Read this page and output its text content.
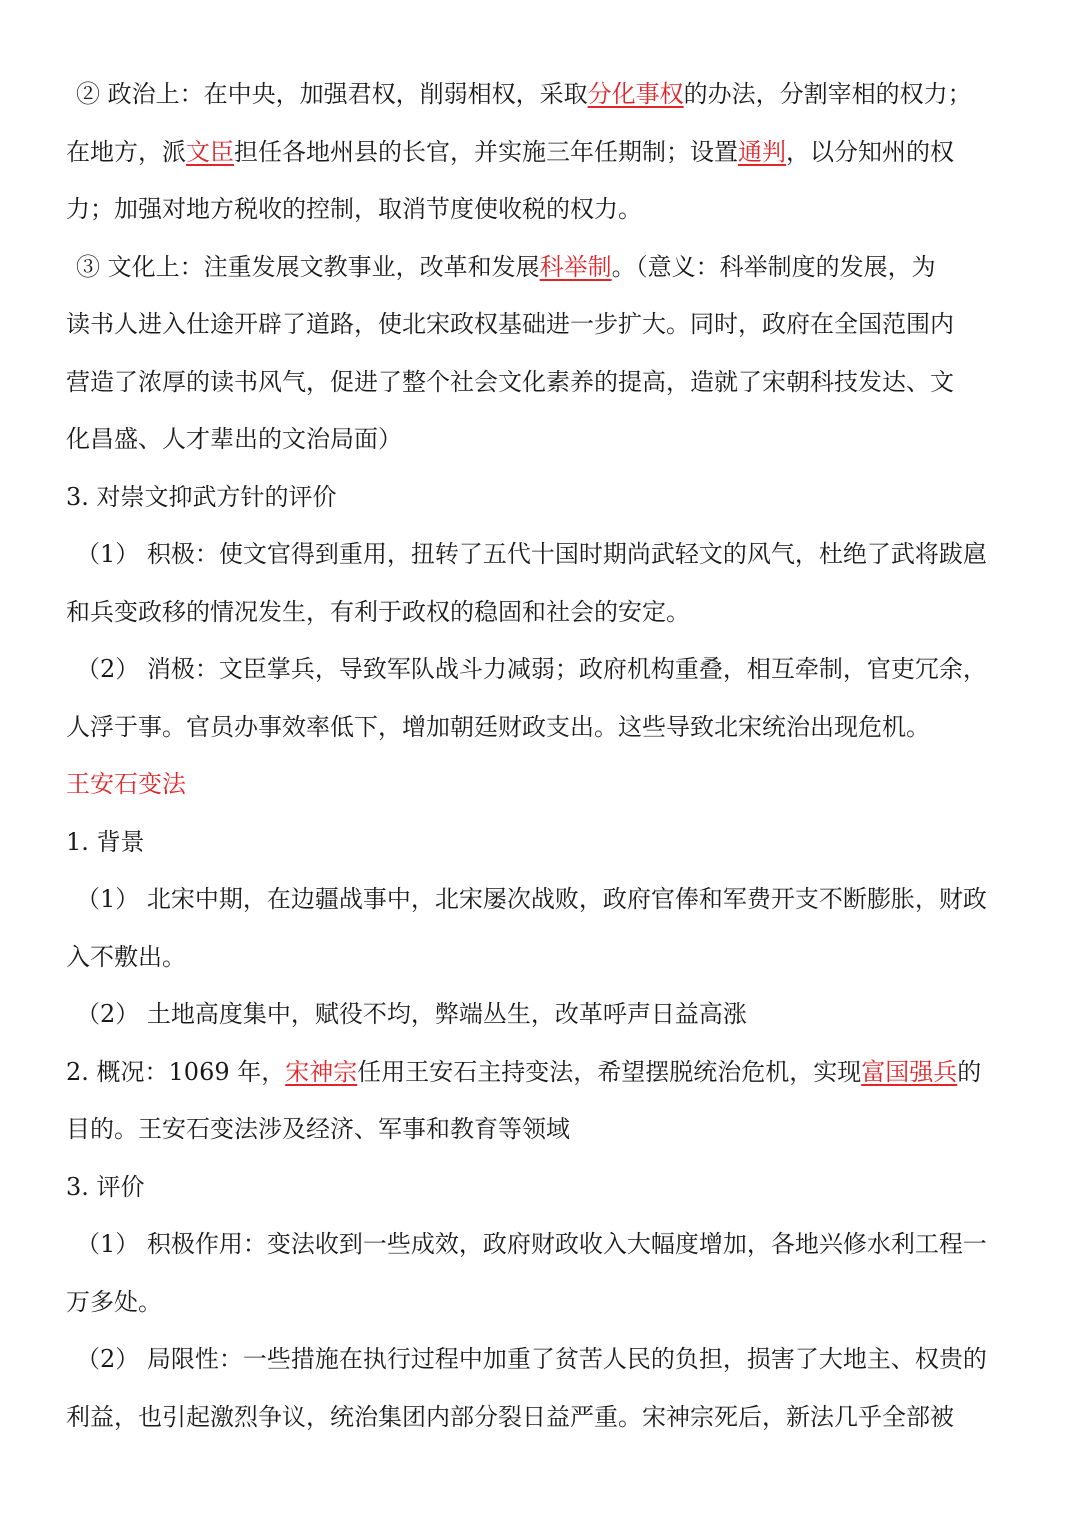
② 政治上：在中央，加强君权，削弱相权，采取分化事权的办法，分割宰相的权力；
在地方，派文臣担任各地州县的长官，并实施三年任期制；设置通判，以分知州的权
力；加强对地方税收的控制，取消节度使收税的权力。
③ 文化上：注重发展文教事业，改革和发展科举制。（意义：科举制度的发展，为
读书人进入仕途开辟了道路，使北宋政权基础进一步扩大。同时，政府在全国范围内
营造了浓厚的读书风气，促进了整个社会文化素养的提高，造就了宋朝科技发达、文
化昌盛、人才辈出的文治局面）
3. 对崇文抑武方针的评价
（1） 积极：使文官得到重用，扭转了五代十国时期尚武轻文的风气，杜绝了武将跋扈
和兵变政移的情况发生，有利于政权的稳固和社会的安定。
（2） 消极：文臣掌兵，导致军队战斗力减弱；政府机构重叠，相互牵制，官吏冗余，
人浮于事。官员办事效率低下，增加朝廷财政支出。这些导致北宋统治出现危机。
王安石变法
1. 背景
（1） 北宋中期，在边疆战事中，北宋屡次战败，政府官俸和军费开支不断膨胀，财政
入不敷出。
（2） 土地高度集中，赋役不均，弊端丛生，改革呼声日益高涨
2. 概况：1069 年，宋神宗任用王安石主持变法，希望摆脱统治危机，实现富国强兵的
目的。王安石变法涉及经济、军事和教育等领域
3. 评价
（1） 积极作用：变法收到一些成效，政府财政收入大幅度增加，各地兴修水利工程一
万多处。
（2） 局限性：一些措施在执行过程中加重了贫苦人民的负担，损害了大地主、权贵的
利益，也引起激烈争议，统治集团内部分裂日益严重。宋神宗死后，新法几乎全部被
